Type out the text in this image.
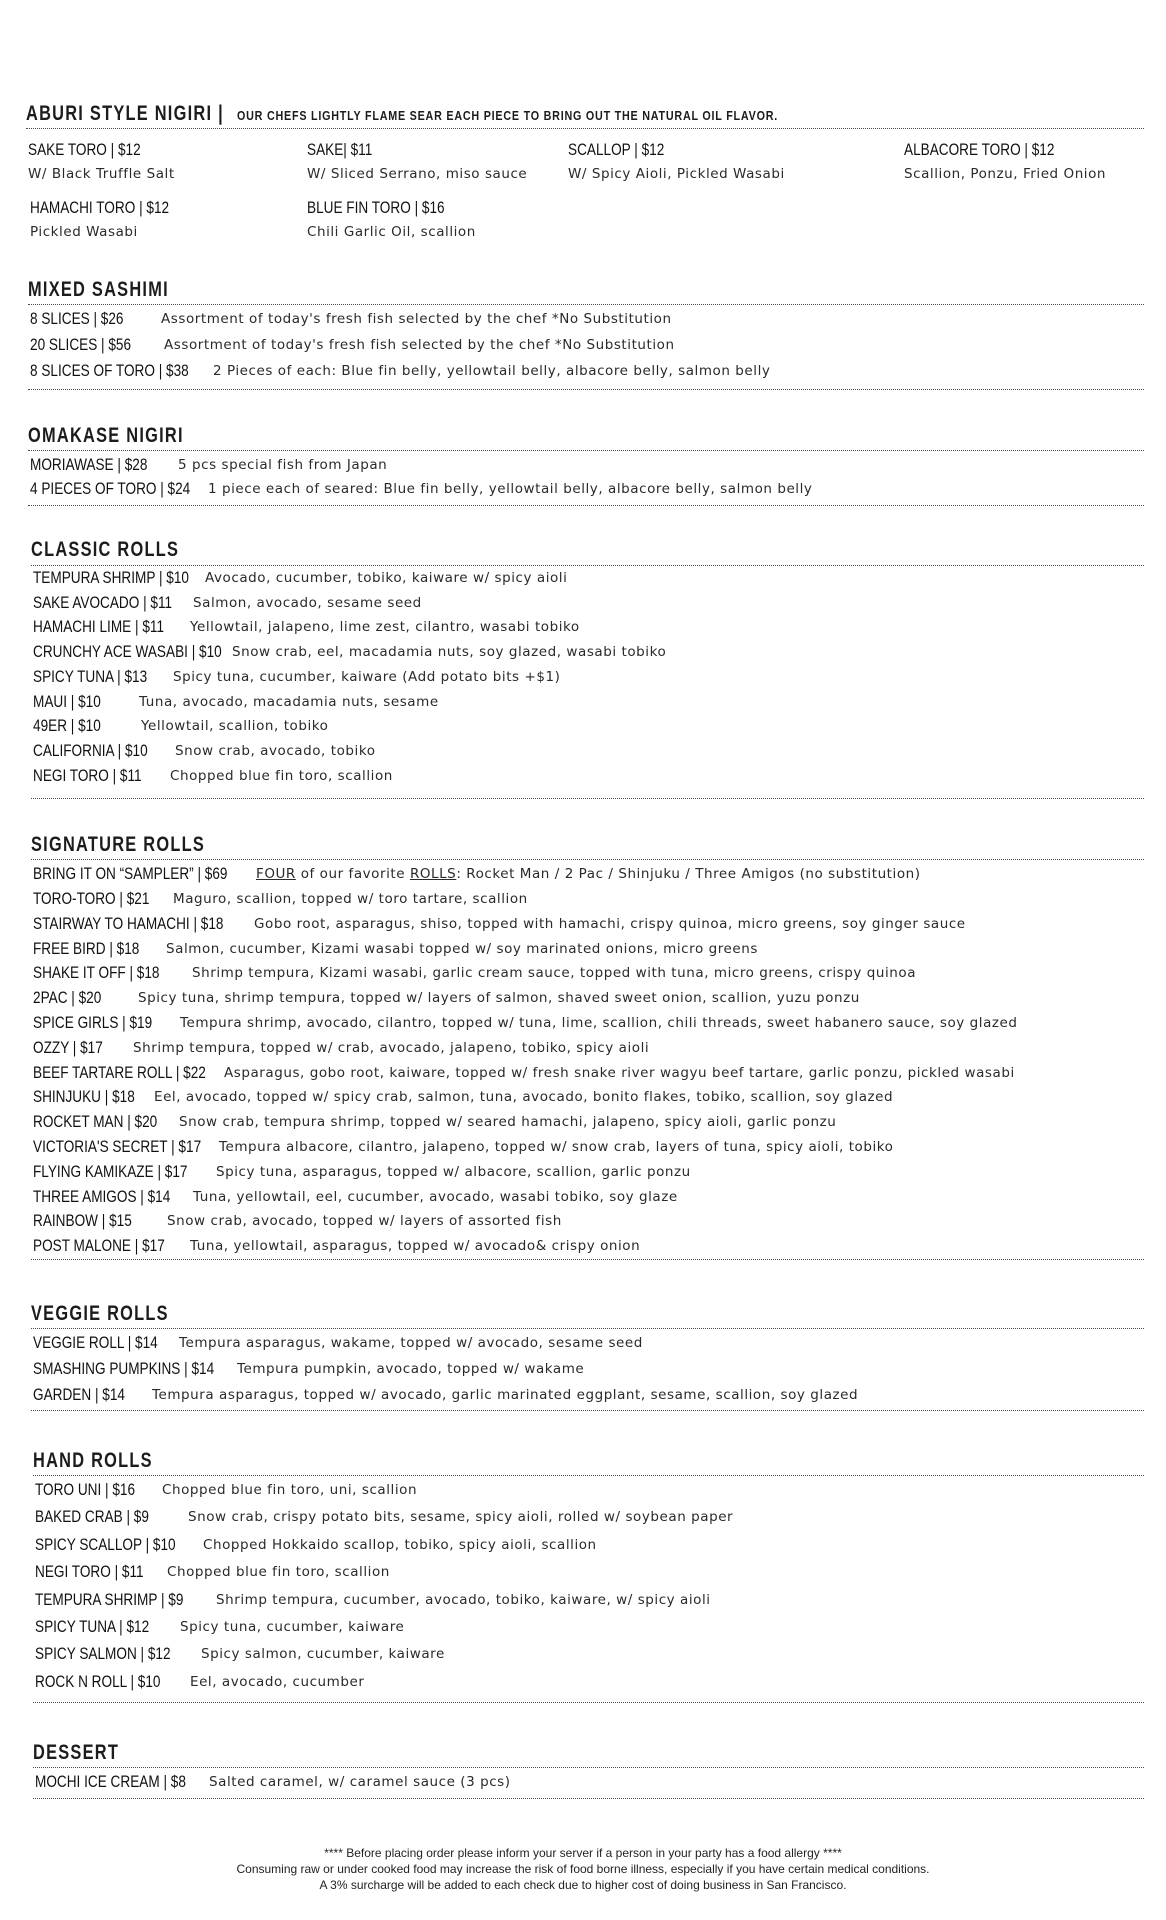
ABURI STYLE NIGIRI | OUR CHEFS LIGHTLY FLAME SEAR EACH PIECE TO BRING OUT THE NATURAL OIL FLAVOR.
SAKE TORO | $12
W/ Black Truffle Salt
SAKE| $11
W/ Sliced Serrano, miso sauce
SCALLOP | $12
W/ Spicy Aioli, Pickled Wasabi
ALBACORE TORO | $12
Scallion, Ponzu, Fried Onion
HAMACHI TORO | $12
Pickled Wasabi
BLUE FIN TORO | $16
Chili Garlic Oil, scallion
MIXED SASHIMI
8 SLICES | $26	Assortment of today's fresh fish selected by the chef *No Substitution
20 SLICES | $56 Assortment of today's fresh fish selected by the chef *No Substitution
8 SLICES OF TORO | $38 2 Pieces of each: Blue fin belly, yellowtail belly, albacore belly, salmon belly
OMAKASE NIGIRI
MORIAWASE | $28 5 pcs special fish from Japan
4 PIECES OF TORO | $24 1 piece each of seared: Blue fin belly, yellowtail belly, albacore belly, salmon belly
CLASSIC ROLLS
TEMPURA SHRIMP | $10 Avocado, cucumber, tobiko, kaiware w/ spicy aioli
SAKE AVOCADO | $11 Salmon, avocado, sesame seed
HAMACHI LIME | $11 Yellowtail, jalapeno, lime zest, cilantro, wasabi tobiko
CRUNCHY ACE WASABI | $10 Snow crab, eel, macadamia nuts, soy glazed, wasabi tobiko
SPICY TUNA | $13 Spicy tuna, cucumber, kaiware (Add potato bits +$1)
MAUI | $10	Tuna, avocado, macadamia nuts, sesame
49ER | $10	Yellowtail, scallion, tobiko
CALIFORNIA | $10 Snow crab, avocado, tobiko
NEGI TORO | $11 Chopped blue fin toro, scallion
SIGNATURE ROLLS
BRING IT ON “SAMPLER” | $69 FOUR of our favorite ROLLS: Rocket Man / 2 Pac / Shinjuku / Three Amigos (no substitution)
TORO-TORO | $21 Maguro, scallion, topped w/ toro tartare, scallion
STAIRWAY TO HAMACHI | $18 Gobo root, asparagus, shiso, topped with hamachi, crispy quinoa, micro greens, soy ginger sauce
FREE BIRD | $18 Salmon, cucumber, Kizami wasabi topped w/ soy marinated onions, micro greens
SHAKE IT OFF | $18 Shrimp tempura, Kizami wasabi, garlic cream sauce, topped with tuna, micro greens, crispy quinoa
2PAC | $20	Spicy tuna, shrimp tempura, topped w/ layers of salmon, shaved sweet onion, scallion, yuzu ponzu
SPICE GIRLS | $19 Tempura shrimp, avocado, cilantro, topped w/ tuna, lime, scallion, chili threads, sweet habanero sauce, soy glazed
OZZY | $17 Shrimp tempura, topped w/ crab, avocado, jalapeno, tobiko, spicy aioli
BEEF TARTARE ROLL | $22 Asparagus, gobo root, kaiware, topped w/ fresh snake river wagyu beef tartare, garlic ponzu, pickled wasabi
SHINJUKU | $18 Eel, avocado, topped w/ spicy crab, salmon, tuna, avocado, bonito flakes, tobiko, scallion, soy glazed
ROCKET MAN | $20 Snow crab, tempura shrimp, topped w/ seared hamachi, jalapeno, spicy aioli, garlic ponzu
VICTORIA'S SECRET | $17 Tempura albacore, cilantro, jalapeno, topped w/ snow crab, layers of tuna, spicy aioli, tobiko
FLYING KAMIKAZE | $17 Spicy tuna, asparagus, topped w/ albacore, scallion, garlic ponzu
THREE AMIGOS | $14 Tuna, yellowtail, eel, cucumber, avocado, wasabi tobiko, soy glaze
RAINBOW | $15	Snow crab, avocado, topped w/ layers of assorted fish
POST MALONE | $17 Tuna, yellowtail, asparagus, topped w/ avocado& crispy onion
VEGGIE ROLLS
VEGGIE ROLL | $14 Tempura asparagus, wakame, topped w/ avocado, sesame seed
SMASHING PUMPKINS | $14 Tempura pumpkin, avocado, topped w/ wakame
GARDEN | $14 Tempura asparagus, topped w/ avocado, garlic marinated eggplant, sesame, scallion, soy glazed
HAND ROLLS
TORO UNI | $16 Chopped blue fin toro, uni, scallion
BAKED CRAB | $9	Snow crab, crispy potato bits, sesame, spicy aioli, rolled w/ soybean paper
SPICY SCALLOP | $10 Chopped Hokkaido scallop, tobiko, spicy aioli, scallion
NEGI TORO | $11 Chopped blue fin toro, scallion
TEMPURA SHRIMP | $9 Shrimp tempura, cucumber, avocado, tobiko, kaiware, w/ spicy aioli
SPICY TUNA | $12 Spicy tuna, cucumber, kaiware
SPICY SALMON | $12 Spicy salmon, cucumber, kaiware
ROCK N ROLL | $10 Eel, avocado, cucumber
DESSERT
MOCHI ICE CREAM | $8 Salted caramel, w/ caramel sauce (3 pcs)
**** Before placing order please inform your server if a person in your party has a food allergy ****
Consuming raw or under cooked food may increase the risk of food borne illness, especially if you have certain medical conditions.
A 3% surcharge will be added to each check due to higher cost of doing business in San Francisco.
